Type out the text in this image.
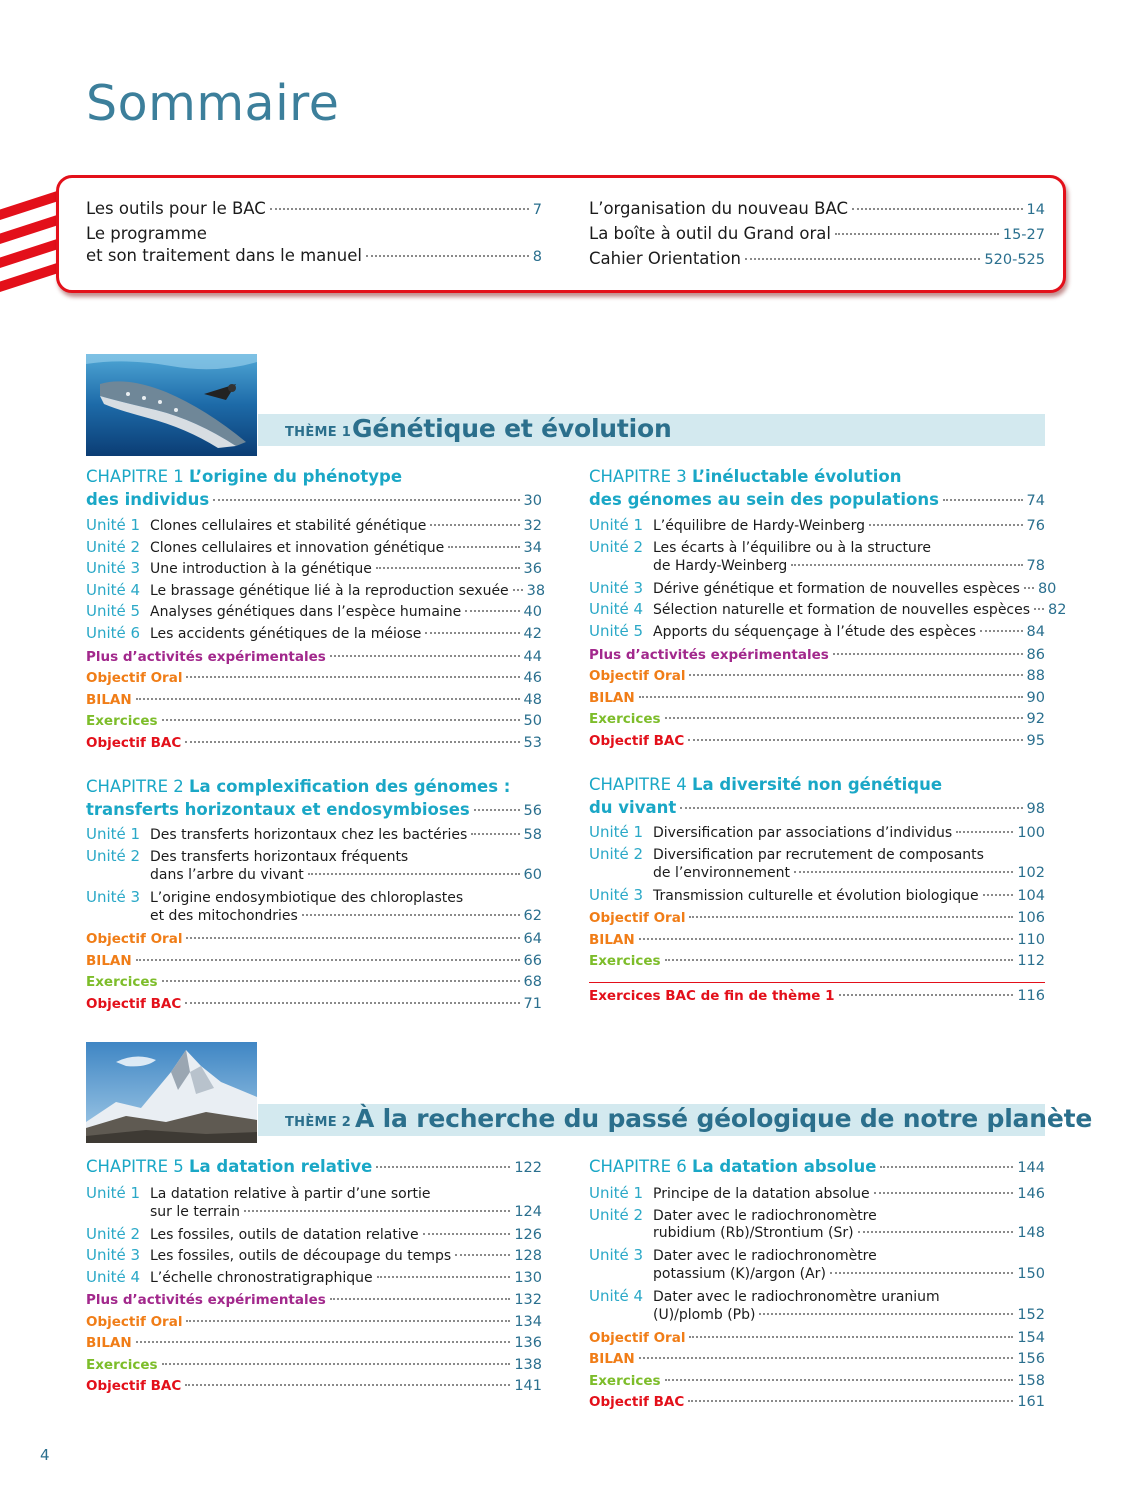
Sommaire
Les outils pour le BAC	7
Le programme
et son traitement dans le manuel	8
L’organisation du nouveau BAC	14
La boîte à outil du Grand oral	15-27
Cahier Orientation	520-525
THÈME 1 Génétique et évolution
CHAPITRE 1 L’origine du phénotype
des individus	30
Unité 1 Clones cellulaires et stabilité génétique	32
Unité 2 Clones cellulaires et innovation génétique	34
Unité 3 Une introduction à la génétique	36
Unité 4 Le brassage génétique lié à la reproduction sexuée 38
Unité 5 Analyses génétiques dans l’espèce humaine	40
Unité 6 Les accidents génétiques de la méiose	42
Plus d’activités expérimentales	44
Objectif Oral	46
BILAN	48
Exercices	50
Objectif BAC	53
CHAPITRE 2 La complexification des génomes :
transferts horizontaux et endosymbioses	56
Unité 1 Des transferts horizontaux chez les bactéries	58
Unité 2 Des transferts horizontaux fréquents
dans l’arbre du vivant	60
Unité 3 L’origine endosymbiotique des chloroplastes
et des mitochondries	62
Objectif Oral	64
BILAN	66
Exercices	68
Objectif BAC	71
CHAPITRE 3 L’inéluctable évolution
des génomes au sein des populations	74
Unité 1 L’équilibre de Hardy-Weinberg	76
Unité 2 Les écarts à l’équilibre ou à la structure
de Hardy-Weinberg	78
Unité 3 Dérive génétique et formation de nouvelles espèces 80
Unité 4 Sélection naturelle et formation de nouvelles espèces 82
Unité 5 Apports du séquençage à l’étude des espèces	84
Plus d’activités expérimentales	86
Objectif Oral	88
BILAN	90
Exercices	92
Objectif BAC	95
CHAPITRE 4 La diversité non génétique
du vivant	98
Unité 1 Diversification par associations d’individus	100
Unité 2 Diversification par recrutement de composants
de l’environnement	102
Unité 3 Transmission culturelle et évolution biologique	104
Objectif Oral	106
BILAN	110
Exercices	112
Exercices BAC de fin de thème 1	116
THÈME 2 À la recherche du passé géologique de notre planète
CHAPITRE 5
La datation relative	122
Unité 1 La datation relative à partir d’une sortie
sur le terrain	124
Unité 2 Les fossiles, outils de datation relative	126
Unité 3 Les fossiles, outils de découpage du temps	128
Unité 4 L’échelle chronostratigraphique	130
Plus d’activités expérimentales	132
Objectif Oral	134
BILAN	136
Exercices	138
Objectif BAC	141
CHAPITRE 6
La datation absolue	144
Unité 1 Principe de la datation absolue	146
Unité 2 Dater avec le radiochronomètre
rubidium (Rb)/Strontium (Sr)	148
Unité 3 Dater avec le radiochronomètre
potassium (K)/argon (Ar)	150
Unité 4 Dater avec le radiochronomètre uranium
(U)/plomb (Pb)	152
Objectif Oral	154
BILAN	156
Exercices	158
Objectif BAC	161
4
